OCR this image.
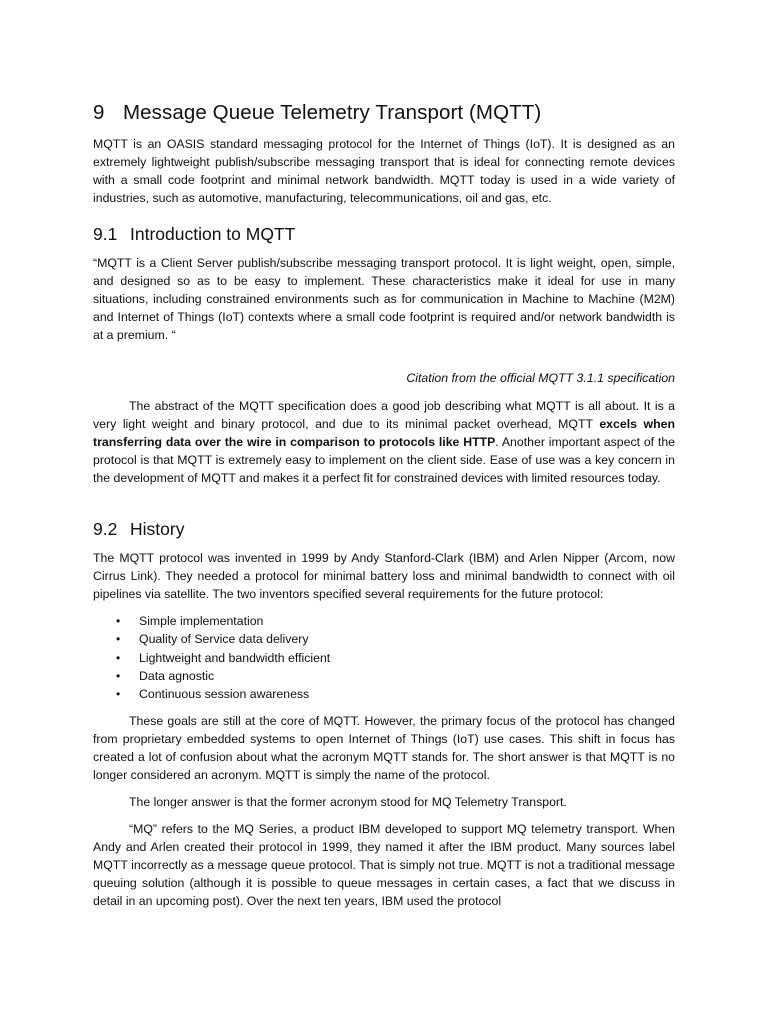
9 Message Queue Telemetry Transport (MQTT)

MQTT is an OASIS standard messaging protocol for the Internet of Things (IoT). It is designed as an extremely lightweight publish/subscribe messaging transport that is ideal for connecting remote devices with a small code footprint and minimal network bandwidth. MQTT today is used in a wide variety of industries, such as automotive, manufacturing, telecommunications, oil and gas, etc.

9.1 Introduction to MQTT

“MQTT is a Client Server publish/subscribe messaging transport protocol. It is light weight, open, simple, and designed so as to be easy to implement. These characteristics make it ideal for use in many situations, including constrained environments such as for communication in Machine to Machine (M2M) and Internet of Things (IoT) contexts where a small code footprint is required and/or network bandwidth is at a premium. “

Citation from the official MQTT 3.1.1 specification

The abstract of the MQTT specification does a good job describing what MQTT is all about. It is a very light weight and binary protocol, and due to its minimal packet overhead, MQTT excels when transferring data over the wire in comparison to protocols like HTTP. Another important aspect of the protocol is that MQTT is extremely easy to implement on the client side. Ease of use was a key concern in the development of MQTT and makes it a perfect fit for constrained devices with limited resources today.

9.2 History

The MQTT protocol was invented in 1999 by Andy Stanford-Clark (IBM) and Arlen Nipper (Arcom, now Cirrus Link). They needed a protocol for minimal battery loss and minimal bandwidth to connect with oil pipelines via satellite. The two inventors specified several requirements for the future protocol:

• Simple implementation
• Quality of Service data delivery
• Lightweight and bandwidth efficient
• Data agnostic
• Continuous session awareness

These goals are still at the core of MQTT. However, the primary focus of the protocol has changed from proprietary embedded systems to open Internet of Things (IoT) use cases. This shift in focus has created a lot of confusion about what the acronym MQTT stands for. The short answer is that MQTT is no longer considered an acronym. MQTT is simply the name of the protocol.

The longer answer is that the former acronym stood for MQ Telemetry Transport.

“MQ” refers to the MQ Series, a product IBM developed to support MQ telemetry transport. When Andy and Arlen created their protocol in 1999, they named it after the IBM product. Many sources label MQTT incorrectly as a message queue protocol. That is simply not true. MQTT is not a traditional message queuing solution (although it is possible to queue messages in certain cases, a fact that we discuss in detail in an upcoming post). Over the next ten years, IBM used the protocol
